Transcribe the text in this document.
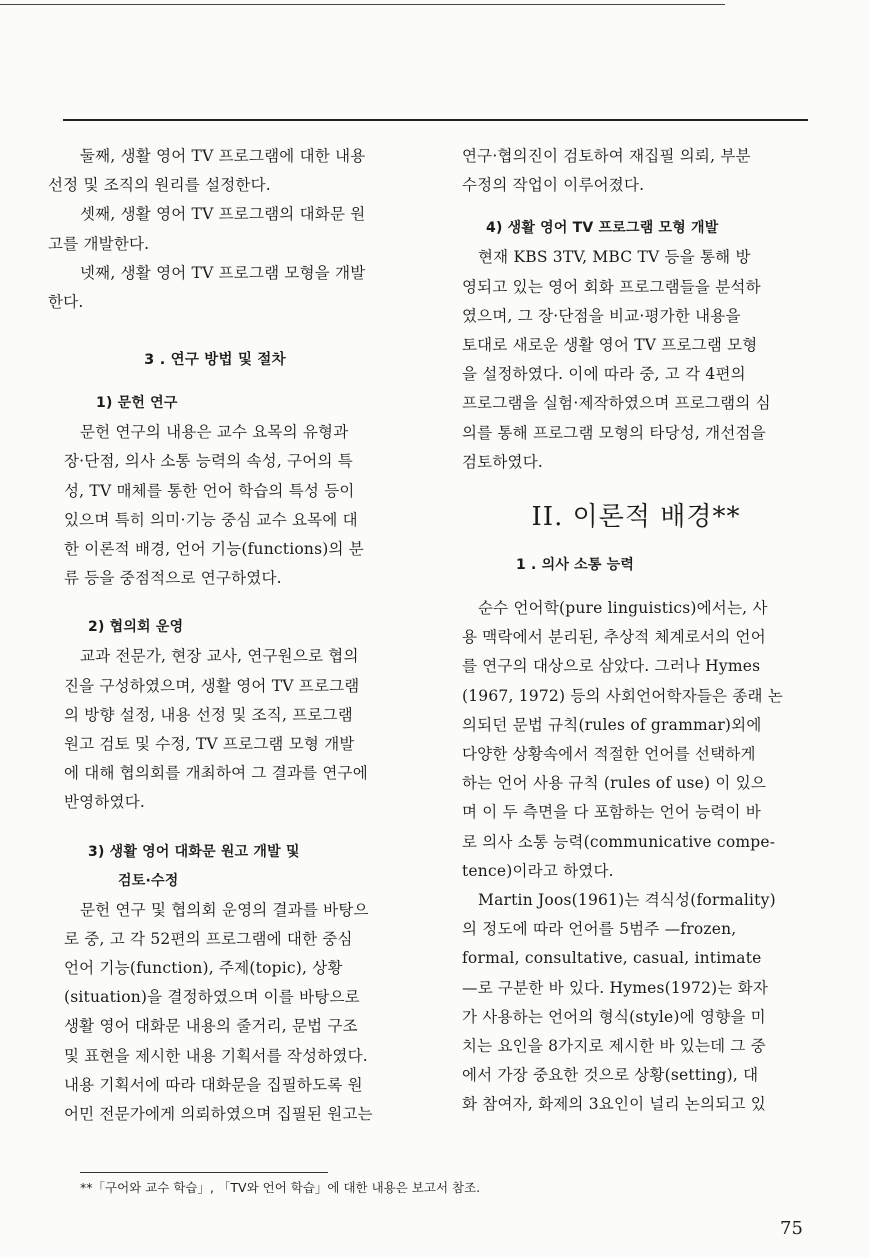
둘째, 생활 영어 TV 프로그램에 대한 내용
선정 및 조직의 원리를 설정한다.

셋째, 생활 영어 TV 프로그램의 대화문 원
고를 개발한다.

넷째, 생활 영어 TV 프로그램 모형을 개발
한다.

3 . 연구 방법 및 절차

1) 문헌 연구

문헌 연구의 내용은 교수 요목의 유형과
장·단점, 의사 소통 능력의 속성, 구어의 특
성, TV 매체를 통한 언어 학습의 특성 등이
있으며 특히 의미·기능 중심 교수 요목에 대
한 이론적 배경, 언어 기능(functions)의 분
류 등을 중점적으로 연구하였다.

2) 협의회 운영

교과 전문가, 현장 교사, 연구원으로 협의
진을 구성하였으며, 생활 영어 TV 프로그램
의 방향 설정, 내용 선정 및 조직, 프로그램
원고 검토 및 수정, TV 프로그램 모형 개발
에 대해 협의회를 개최하여 그 결과를 연구에
반영하였다.

3) 생활 영어 대화문 원고 개발 및

검토·수정

문헌 연구 및 협의회 운영의 결과를 바탕으
로 중, 고 각 52편의 프로그램에 대한 중심
언어 기능(function), 주제(topic), 상황
(situation)을 결정하였으며 이를 바탕으로
생활 영어 대화문 내용의 줄거리, 문법 구조
및 표현을 제시한 내용 기획서를 작성하였다.
내용 기획서에 따라 대화문을 집필하도록 원
어민 전문가에게 의뢰하였으며 집필된 원고는

연구·협의진이 검토하여 재집필 의뢰, 부분
수정의 작업이 이루어졌다.

4) 생활 영어 TV 프로그램 모형 개발

현재 KBS 3TV, MBC TV 등을 통해 방
영되고 있는 영어 회화 프로그램들을 분석하
였으며, 그 장·단점을 비교·평가한 내용을
토대로 새로운 생활 영어 TV 프로그램 모형
을 설정하였다. 이에 따라 중, 고 각 4편의
프로그램을 실험·제작하였으며 프로그램의 심
의를 통해 프로그램 모형의 타당성, 개선점을
검토하였다.

II. 이론적 배경**

1 . 의사 소통 능력

순수 언어학(pure linguistics)에서는, 사
용 맥락에서 분리된, 추상적 체계로서의 언어
를 연구의 대상으로 삼았다. 그러나 Hymes
(1967, 1972) 등의 사회언어학자들은 종래 논
의되던 문법 규칙(rules of grammar)외에
다양한 상황속에서 적절한 언어를 선택하게
하는 언어 사용 규칙 (rules of use) 이 있으
며 이 두 측면을 다 포함하는 언어 능력이 바
로 의사 소통 능력(communicative compe-
tence)이라고 하였다.

Martin Joos(1961)는 격식성(formality)
의 정도에 따라 언어를 5범주 —frozen,
formal, consultative, casual, intimate
—로 구분한 바 있다. Hymes(1972)는 화자
가 사용하는 언어의 형식(style)에 영향을 미
치는 요인을 8가지로 제시한 바 있는데 그 중
에서 가장 중요한 것으로 상황(setting), 대
화 참여자, 화제의 3요인이 널리 논의되고 있

**「구어와 교수 학습」, 「TV와 언어 학습」에 대한 내용은 보고서 참조.
75
